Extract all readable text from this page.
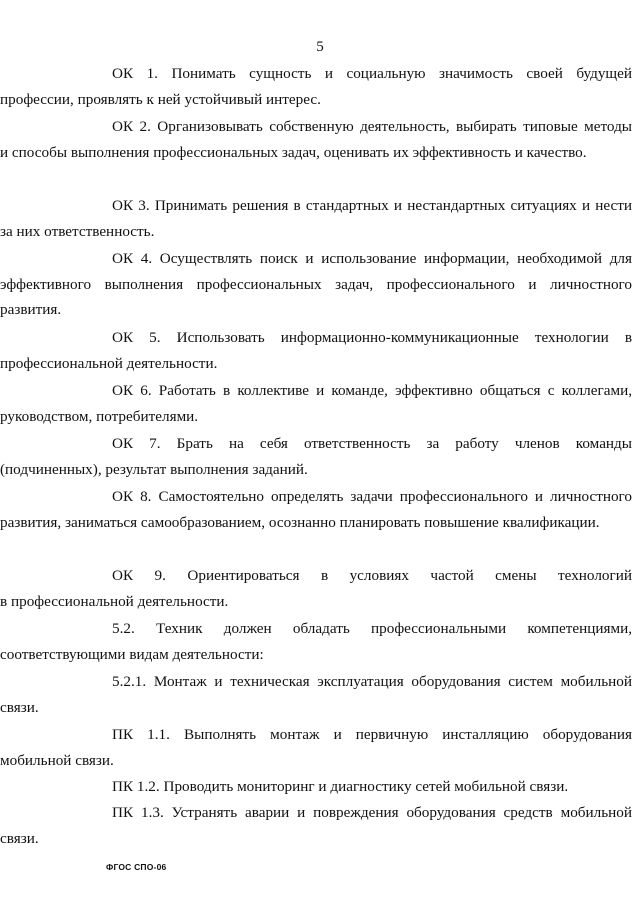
5
ОК 1. Понимать сущность и социальную значимость своей будущей
профессии, проявлять к ней устойчивый интерес.
ОК 2. Организовывать собственную деятельность, выбирать типовые методы
и способы выполнения профессиональных задач, оценивать их эффективность и качество.
ОК 3. Принимать решения в стандартных и нестандартных ситуациях и нести
за них ответственность.
ОК 4. Осуществлять поиск и использование информации, необходимой для
эффективного выполнения профессиональных задач, профессионального и личностного развития.
ОК 5. Использовать информационно-коммуникационные технологии в
профессиональной деятельности.
ОК 6. Работать в коллективе и команде, эффективно общаться с коллегами,
руководством, потребителями.
ОК 7. Брать на себя ответственность за работу членов команды
(подчиненных), результат выполнения заданий.
ОК 8. Самостоятельно определять задачи профессионального и личностного
развития, заниматься самообразованием, осознанно планировать повышение квалификации.
ОК 9. Ориентироваться в условиях частой смены технологий
в профессиональной деятельности.
5.2. Техник должен обладать профессиональными компетенциями,
соответствующими видам деятельности:
5.2.1. Монтаж и техническая эксплуатация оборудования систем мобильной
связи.
ПК 1.1. Выполнять монтаж и первичную инсталляцию оборудования
мобильной связи.
ПК 1.2. Проводить мониторинг и диагностику сетей мобильной связи.
ПК 1.3. Устранять аварии и повреждения оборудования средств мобильной
связи.
ФГОС СПО-06
